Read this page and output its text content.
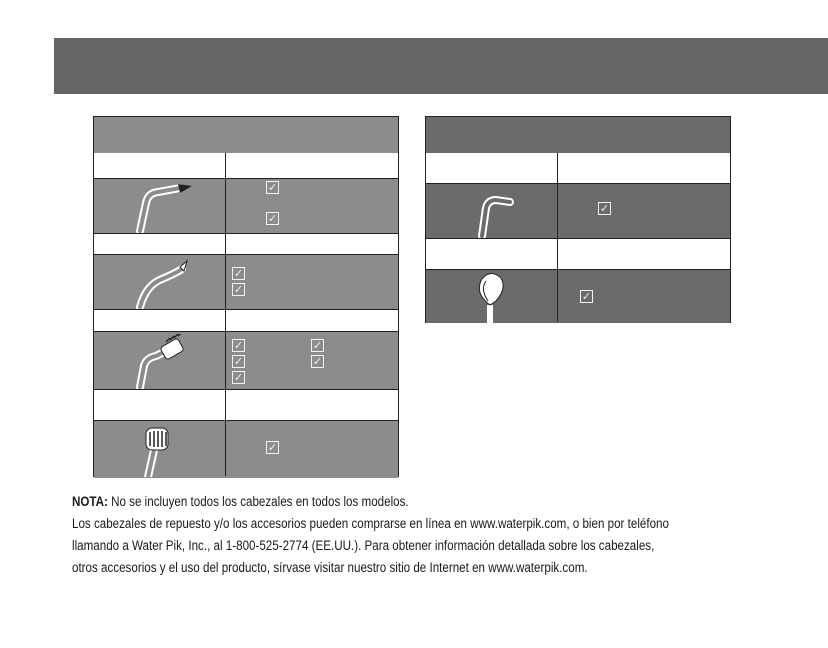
✓
✓
✓
✓
✓	✓
✓	✓
✓
✓
✓
✓
NOTA: No se incluyen todos los cabezales en todos los modelos.
Los cabezales de repuesto y/o los accesorios pueden comprarse en línea en www.waterpik.com, o bien por teléfono
llamando a Water Pik, Inc., al 1-800-525-2774 (EE.UU.). Para obtener información detallada sobre los cabezales,
otros accesorios y el uso del producto, sírvase visitar nuestro sitio de Internet en www.waterpik.com.
